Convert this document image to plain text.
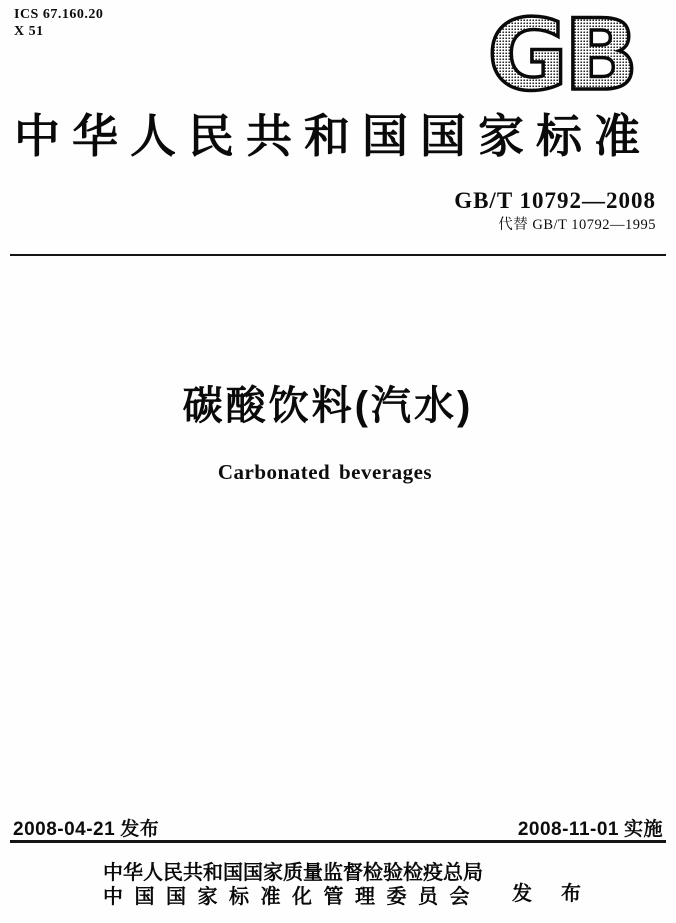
ICS 67.160.20
X 51	GB
中华人民共和国国家标准
GB/T 10792—2008
代替 GB/T 10792—1995
碳酸饮料(汽水)
Carbonated beverages
2008-04-21 发布	2008-11-01 实施
中华人民共和国国家质量监督检验检疫总局
中国国家标准化管理委员会	发 布
